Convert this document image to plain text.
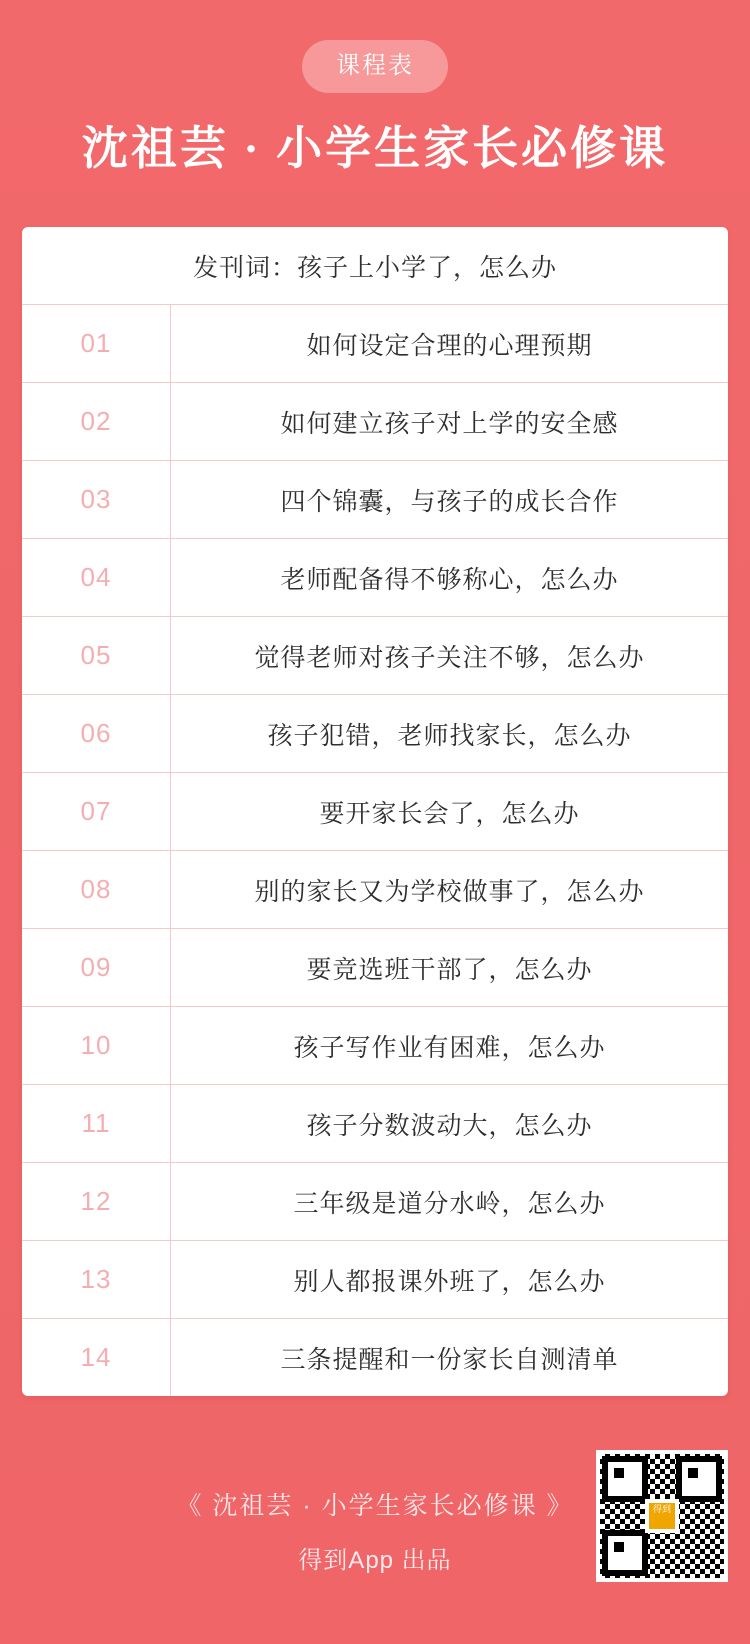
课程表
沈祖芸 · 小学生家长必修课
发刊词：孩子上小学了，怎么办
01	如何设定合理的心理预期
02	如何建立孩子对上学的安全感
03	四个锦囊，与孩子的成长合作
04	老师配备得不够称心，怎么办
05	觉得老师对孩子关注不够，怎么办
06	孩子犯错，老师找家长，怎么办
07	要开家长会了，怎么办
08	别的家长又为学校做事了，怎么办
09	要竞选班干部了，怎么办
10	孩子写作业有困难，怎么办
11	孩子分数波动大，怎么办
12	三年级是道分水岭，怎么办
13	别人都报课外班了，怎么办
14	三条提醒和一份家长自测清单
《 沈祖芸 · 小学生家长必修课 》
得到App 出品
得到
